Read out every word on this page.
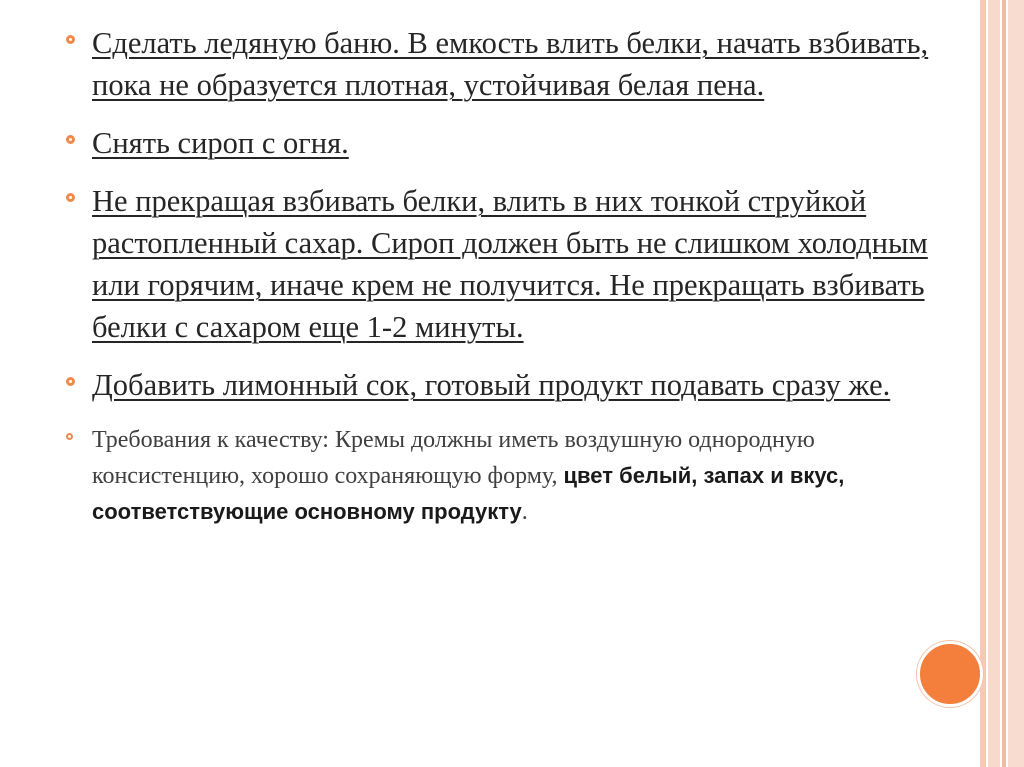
Сделать ледяную баню. В емкость влить белки, начать взбивать, пока не образуется плотная, устойчивая белая пена.
Снять сироп с огня.
Не прекращая взбивать белки, влить в них тонкой струйкой растопленный сахар. Сироп должен быть не слишком холодным или горячим, иначе крем не получится. Не прекращать взбивать белки с сахаром еще 1-2 минуты.
Добавить лимонный сок, готовый продукт подавать сразу же.
Требования к качеству: Кремы должны иметь воздушную однородную консистенцию, хорошо сохраняющую форму, цвет белый, запах и вкус, соответствующие основному продукту.
